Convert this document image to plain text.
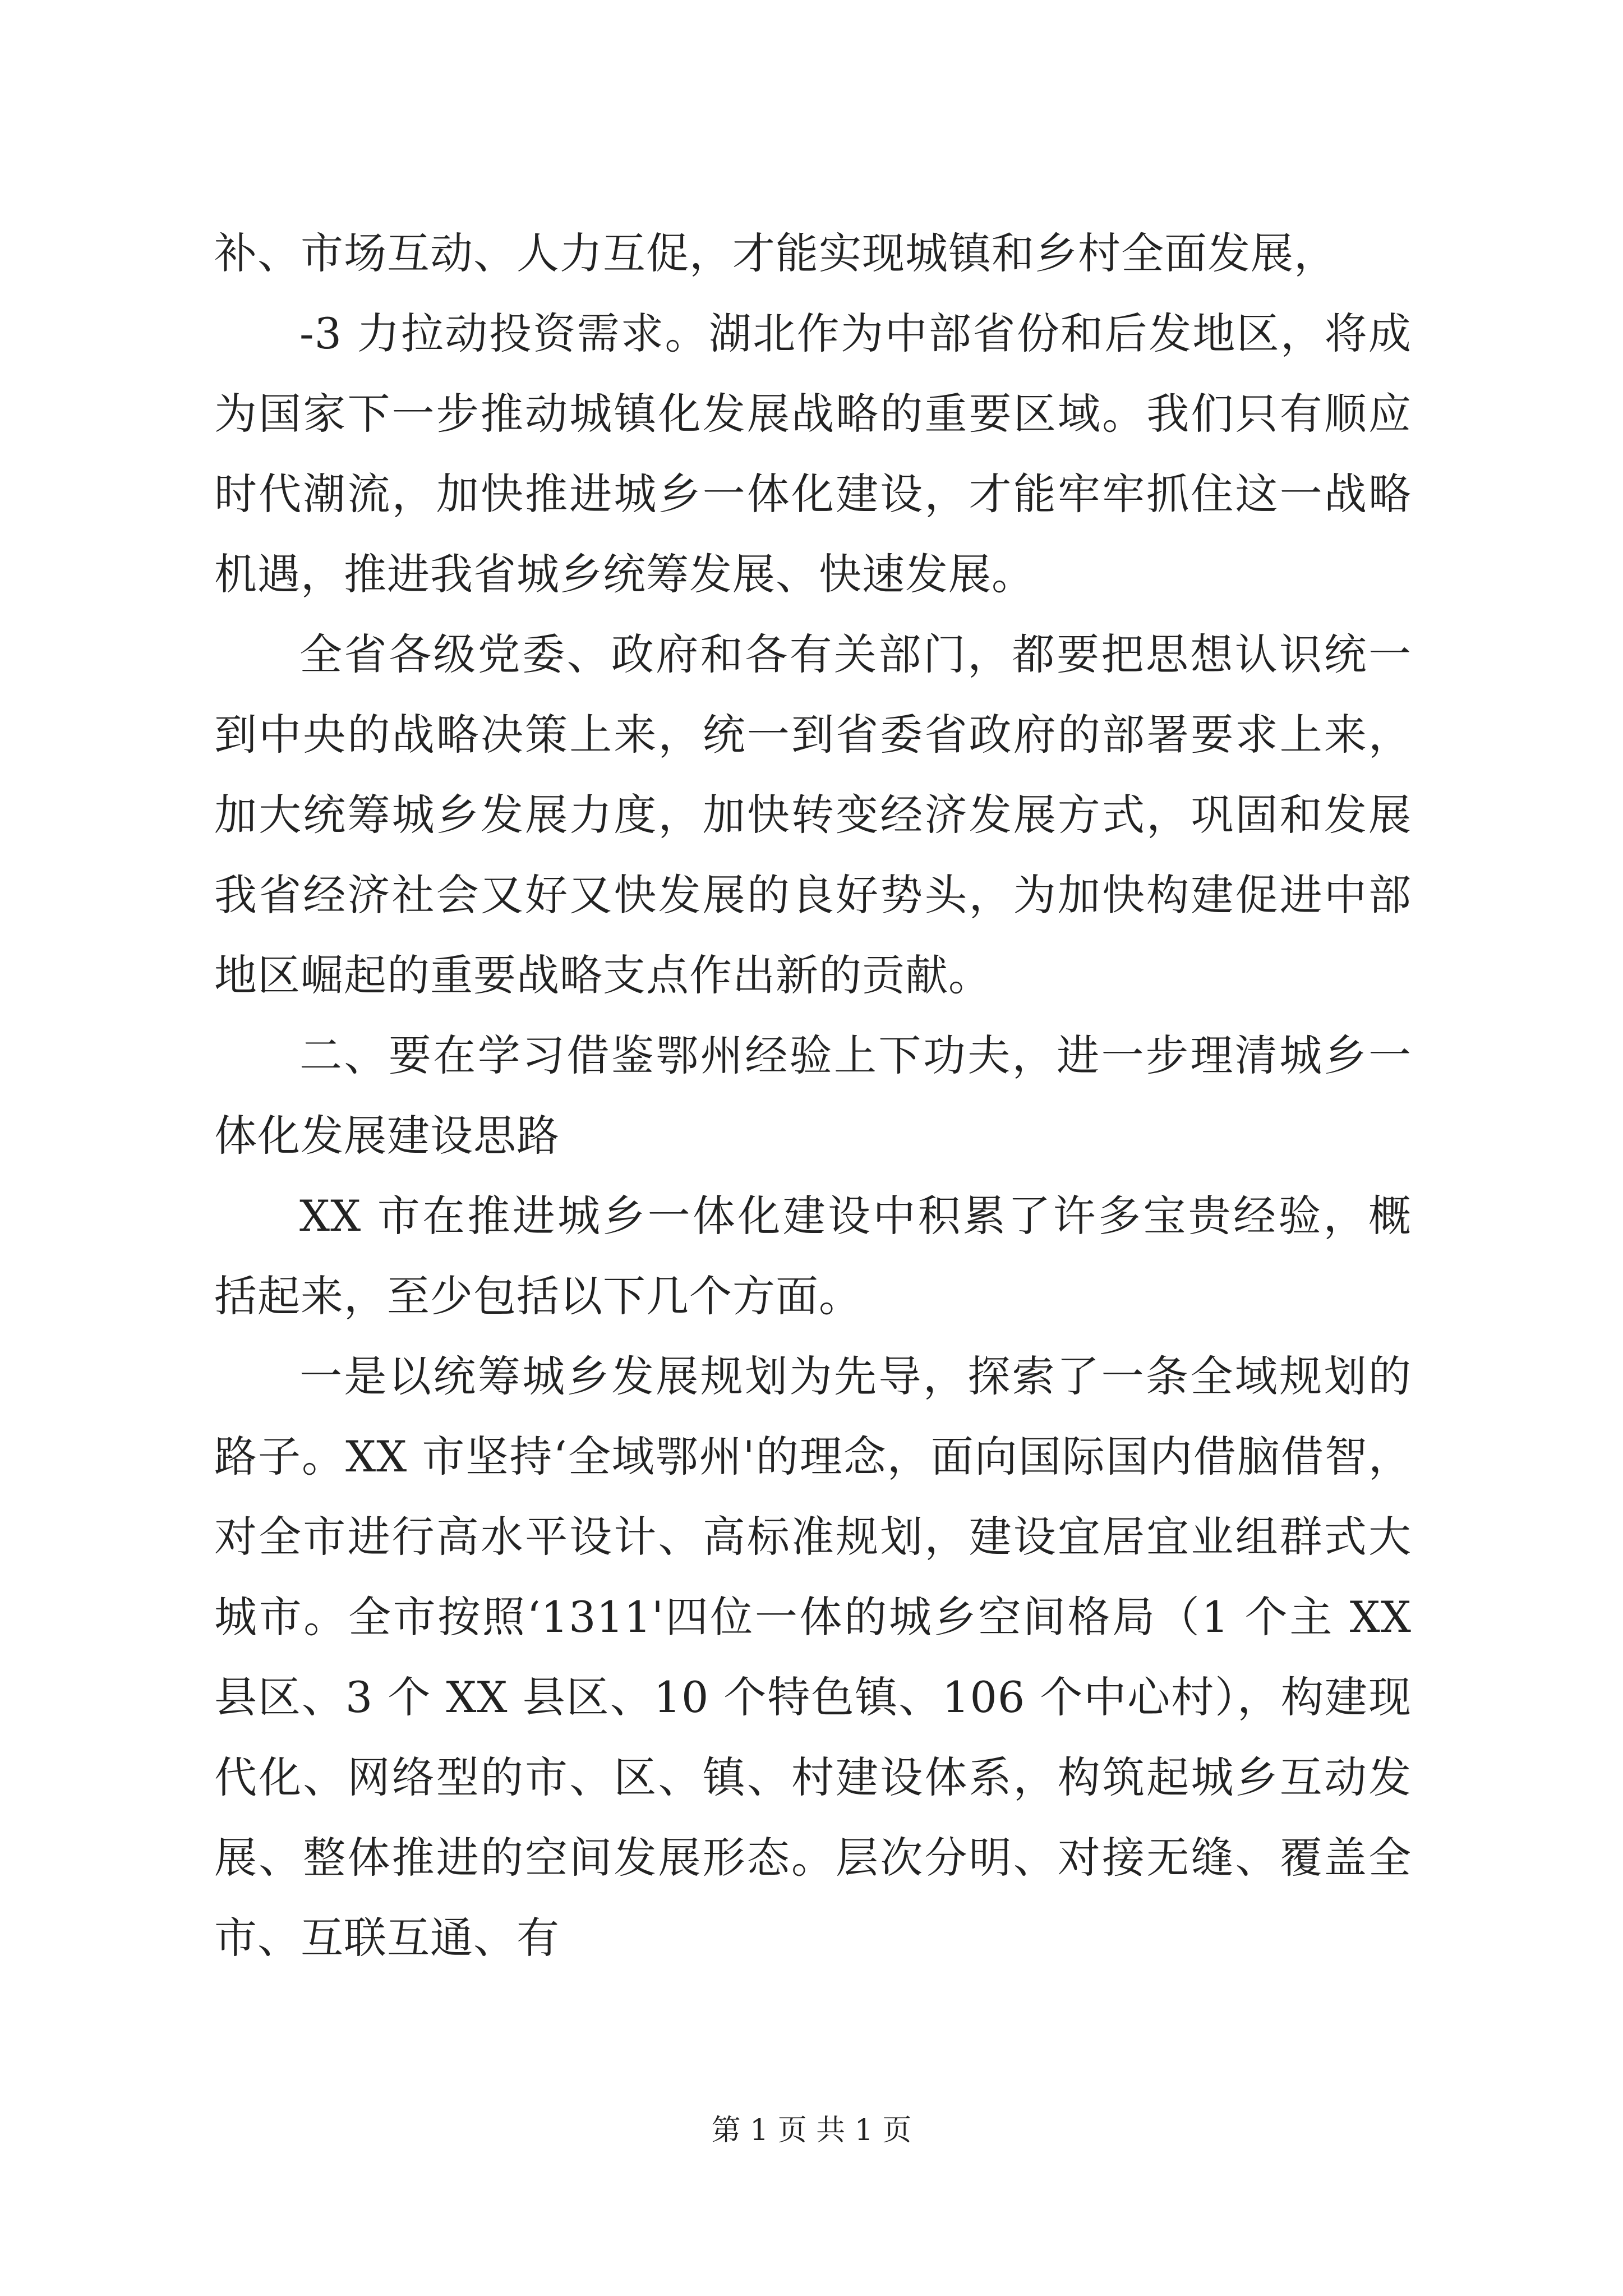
补、市场互动、人力互促，才能实现城镇和乡村全面发展，

-3 力拉动投资需求。湖北作为中部省份和后发地区，将成为国家下一步推动城镇化发展战略的重要区域。我们只有顺应时代潮流，加快推进城乡一体化建设，才能牢牢抓住这一战略机遇，推进我省城乡统筹发展、快速发展。

全省各级党委、政府和各有关部门，都要把思想认识统一到中央的战略决策上来，统一到省委省政府的部署要求上来，加大统筹城乡发展力度，加快转变经济发展方式，巩固和发展我省经济社会又好又快发展的良好势头，为加快构建促进中部地区崛起的重要战略支点作出新的贡献。

二、要在学习借鉴鄂州经验上下功夫，进一步理清城乡一体化发展建设思路

XX 市在推进城乡一体化建设中积累了许多宝贵经验，概括起来，至少包括以下几个方面。

一是以统筹城乡发展规划为先导，探索了一条全域规划的路子。XX 市坚持‘全域鄂州'的理念，面向国际国内借脑借智，对全市进行高水平设计、高标准规划，建设宜居宜业组群式大城市。全市按照‘1311'四位一体的城乡空间格局（1 个主 XX 县区、3 个 XX 县区、10 个特色镇、106 个中心村），构建现代化、网络型的市、区、镇、村建设体系，构筑起城乡互动发展、整体推进的空间发展形态。层次分明、对接无缝、覆盖全市、互联互通、有

第 1 页 共 1 页
